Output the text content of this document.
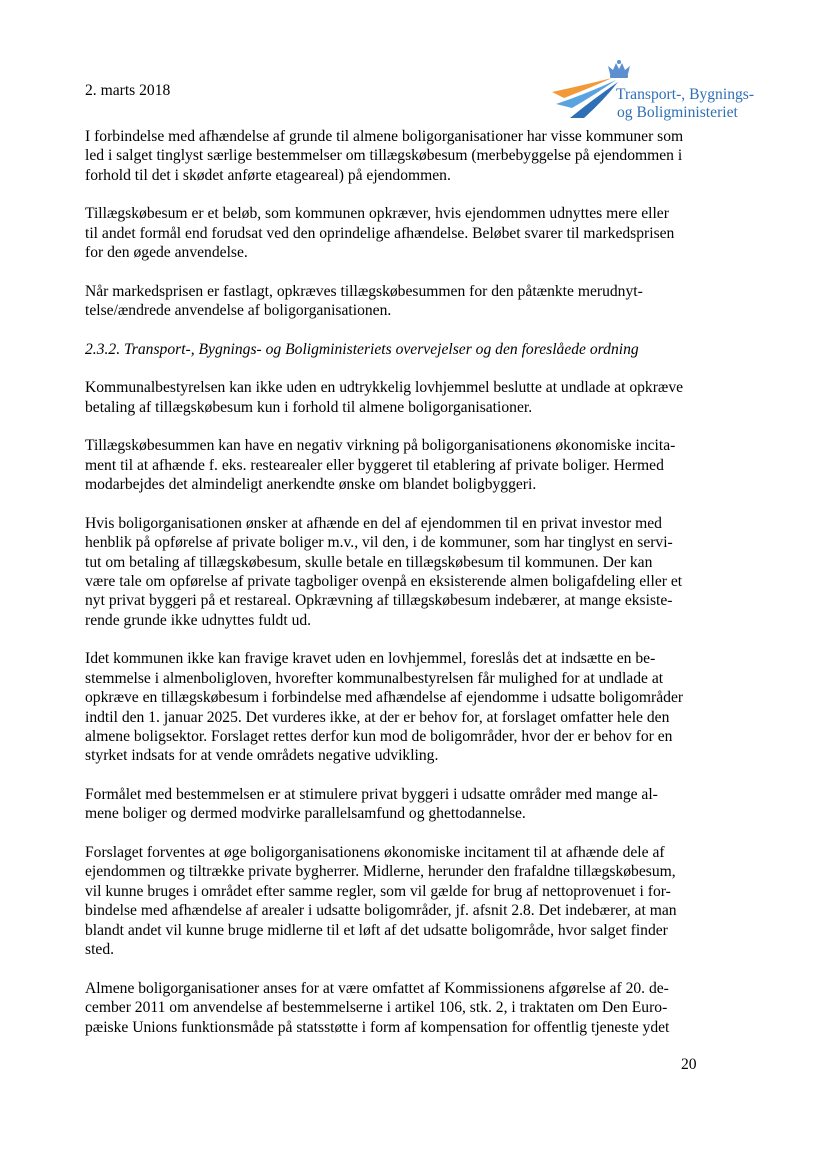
2. marts 2018	Transport-, Bygnings-
og Boligministeriet

I forbindelse med afhændelse af grunde til almene boligorganisationer har visse kommuner som
led i salget tinglyst særlige bestemmelser om tillægskøbesum (merbebyggelse på ejendommen i
forhold til det i skødet anførte etageareal) på ejendommen.

Tillægskøbesum er et beløb, som kommunen opkræver, hvis ejendommen udnyttes mere eller
til andet formål end forudsat ved den oprindelige afhændelse. Beløbet svarer til markedsprisen
for den øgede anvendelse.

Når markedsprisen er fastlagt, opkræves tillægskøbesummen for den påtænkte merudnyt-
telse/ændrede anvendelse af boligorganisationen.

2.3.2. Transport-, Bygnings- og Boligministeriets overvejelser og den foreslåede ordning

Kommunalbestyrelsen kan ikke uden en udtrykkelig lovhjemmel beslutte at undlade at opkræve
betaling af tillægskøbesum kun i forhold til almene boligorganisationer.

Tillægskøbesummen kan have en negativ virkning på boligorganisationens økonomiske incita-
ment til at afhænde f. eks. restearealer eller byggeret til etablering af private boliger. Hermed
modarbejdes det almindeligt anerkendte ønske om blandet boligbyggeri.

Hvis boligorganisationen ønsker at afhænde en del af ejendommen til en privat investor med
henblik på opførelse af private boliger m.v., vil den, i de kommuner, som har tinglyst en servi-
tut om betaling af tillægskøbesum, skulle betale en tillægskøbesum til kommunen. Der kan
være tale om opførelse af private tagboliger ovenpå en eksisterende almen boligafdeling eller et
nyt privat byggeri på et restareal. Opkrævning af tillægskøbesum indebærer, at mange eksiste-
rende grunde ikke udnyttes fuldt ud.

Idet kommunen ikke kan fravige kravet uden en lovhjemmel, foreslås det at indsætte en be-
stemmelse i almenboligloven, hvorefter kommunalbestyrelsen får mulighed for at undlade at
opkræve en tillægskøbesum i forbindelse med afhændelse af ejendomme i udsatte boligområder
indtil den 1. januar 2025. Det vurderes ikke, at der er behov for, at forslaget omfatter hele den
almene boligsektor. Forslaget rettes derfor kun mod de boligområder, hvor der er behov for en
styrket indsats for at vende områdets negative udvikling.

Formålet med bestemmelsen er at stimulere privat byggeri i udsatte områder med mange al-
mene boliger og dermed modvirke parallelsamfund og ghettodannelse.

Forslaget forventes at øge boligorganisationens økonomiske incitament til at afhænde dele af
ejendommen og tiltrække private bygherrer. Midlerne, herunder den frafaldne tillægskøbesum,
vil kunne bruges i området efter samme regler, som vil gælde for brug af nettoprovenuet i for-
bindelse med afhændelse af arealer i udsatte boligområder, jf. afsnit 2.8. Det indebærer, at man
blandt andet vil kunne bruge midlerne til et løft af det udsatte boligområde, hvor salget finder
sted.

Almene boligorganisationer anses for at være omfattet af Kommissionens afgørelse af 20. de-
cember 2011 om anvendelse af bestemmelserne i artikel 106, stk. 2, i traktaten om Den Euro-
pæiske Unions funktionsmåde på statsstøtte i form af kompensation for offentlig tjeneste ydet

20
